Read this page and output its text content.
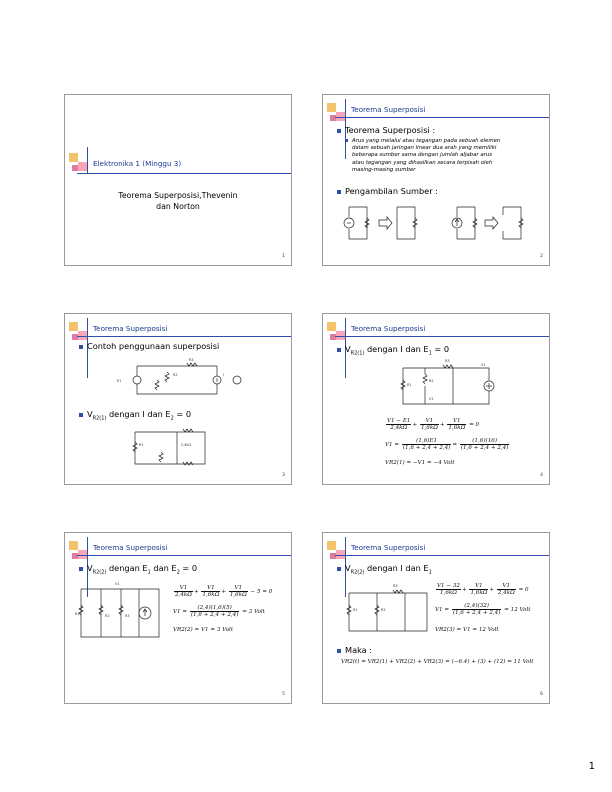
Elektronika 1 (Minggu 3)
Teorema Superposisi,Thevenin
dan Norton
1
Teorema Superposisi
Teorema Superposisi :
Arus yang melalui atau tegangan pada sebuah elemen
dalam sebuah jaringan linear dua arah yang memiliki
beberapa sumber sama dengan jumlah aljabar arus
atau tegangan yang dihasilkan secara terpisah oleh
masing-masing sumber
Pengambilan Sumber :
2
Teorema Superposisi
Contoh penggunaan superposisi
E1
R2
R3
I
$V_{R2(1)}$ dengan I dan $E_2 = 0$
R1	2.4kΩ
3
Teorema Superposisi
$V_{R2(1)}$ dengan I dan $E_1 = 0$
R1
R2
R3
V1
V1
$\frac{V1 - E1}{2,4k\Omega} + \frac{V1}{1,6k\Omega} + \frac{V1}{1,6k\Omega} = 0$
$V1 = \frac{(1,6)E1}{(1,6 + 2,4 + 2,4)} = \frac{(1,6)(16)}{(1,6 + 2,4 + 2,4)}$
VR2(1) = −V1 = −4 Volt
4
Teorema Superposisi
$V_{R2(2)}$ dengan $E_1$ dan $E_2 = 0$
R1	R2	R3
V1
$\frac{V1}{2,4k\Omega} + \frac{V1}{1,6k\Omega} + \frac{V1}{1,6k\Omega} - 5 = 0$
$V1 = \frac{(2,4)(1,6)(5)}{(1,6 + 2,4 + 2,4)} = 3$ Volt
VR2(2) = V1 = 3 Volt
5
Teorema Superposisi
$V_{R2(2)}$ dengan I dan $E_1$
R1	R2
R3	$\frac{V1 - 32}{1,6k\Omega} + \frac{V1}{1,6k\Omega} + \frac{V1}{2,4k\Omega} = 0$
$V1 = \frac{(2,4)(32)}{(1,6 + 2,4 + 2,4)} = 12$ Volt
VR2(3) = V1 = 12 Volt
Maka :
VR2(t) = VR2(1) + VR2(2) + VR2(3) = (−6.4) + (3) + (12) = 11 Volt
6
1
